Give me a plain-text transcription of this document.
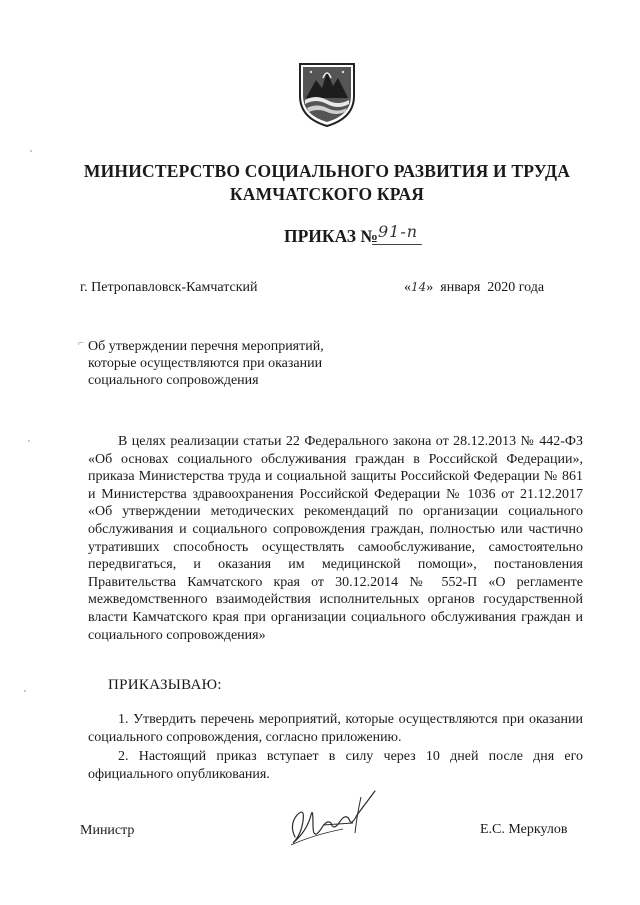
МИНИСТЕРСТВО СОЦИАЛЬНОГО РАЗВИТИЯ И ТРУДА
КАМЧАТСКОГО КРАЯ
ПРИКАЗ № 91-п
г. Петропавловск-Камчатский	«14» января  2020 года
⌐ Об утверждении перечня мероприятий,
которые осуществляются при оказании
социального сопровождения
В целях реализации статьи 22 Федерального закона от 28.12.2013 № 442-ФЗ «Об основах социального обслуживания граждан в Российской Федерации», приказа Министерства труда и социальной защиты Российской Федерации № 861 и Министерства здравоохранения Российской Федерации № 1036 от 21.12.2017 «Об утверждении методических рекомендаций по организации социального обслуживания и социального сопровождения граждан, полностью или частично утративших способность осуществлять самообслуживание, самостоятельно передвигаться, и оказания им медицинской помощи», постановления Правительства Камчатского края от 30.12.2014 № 552-П «О регламенте межведомственного взаимодействия исполнительных органов государственной власти Камчатского края при организации социального обслуживания граждан и социального сопровождения»
ПРИКАЗЫВАЮ:
1. Утвердить перечень мероприятий, которые осуществляются при оказании социального сопровождения, согласно приложению.
2. Настоящий приказ вступает в силу через 10 дней после дня его официального опубликования.
Министр	Е.С. Меркулов
